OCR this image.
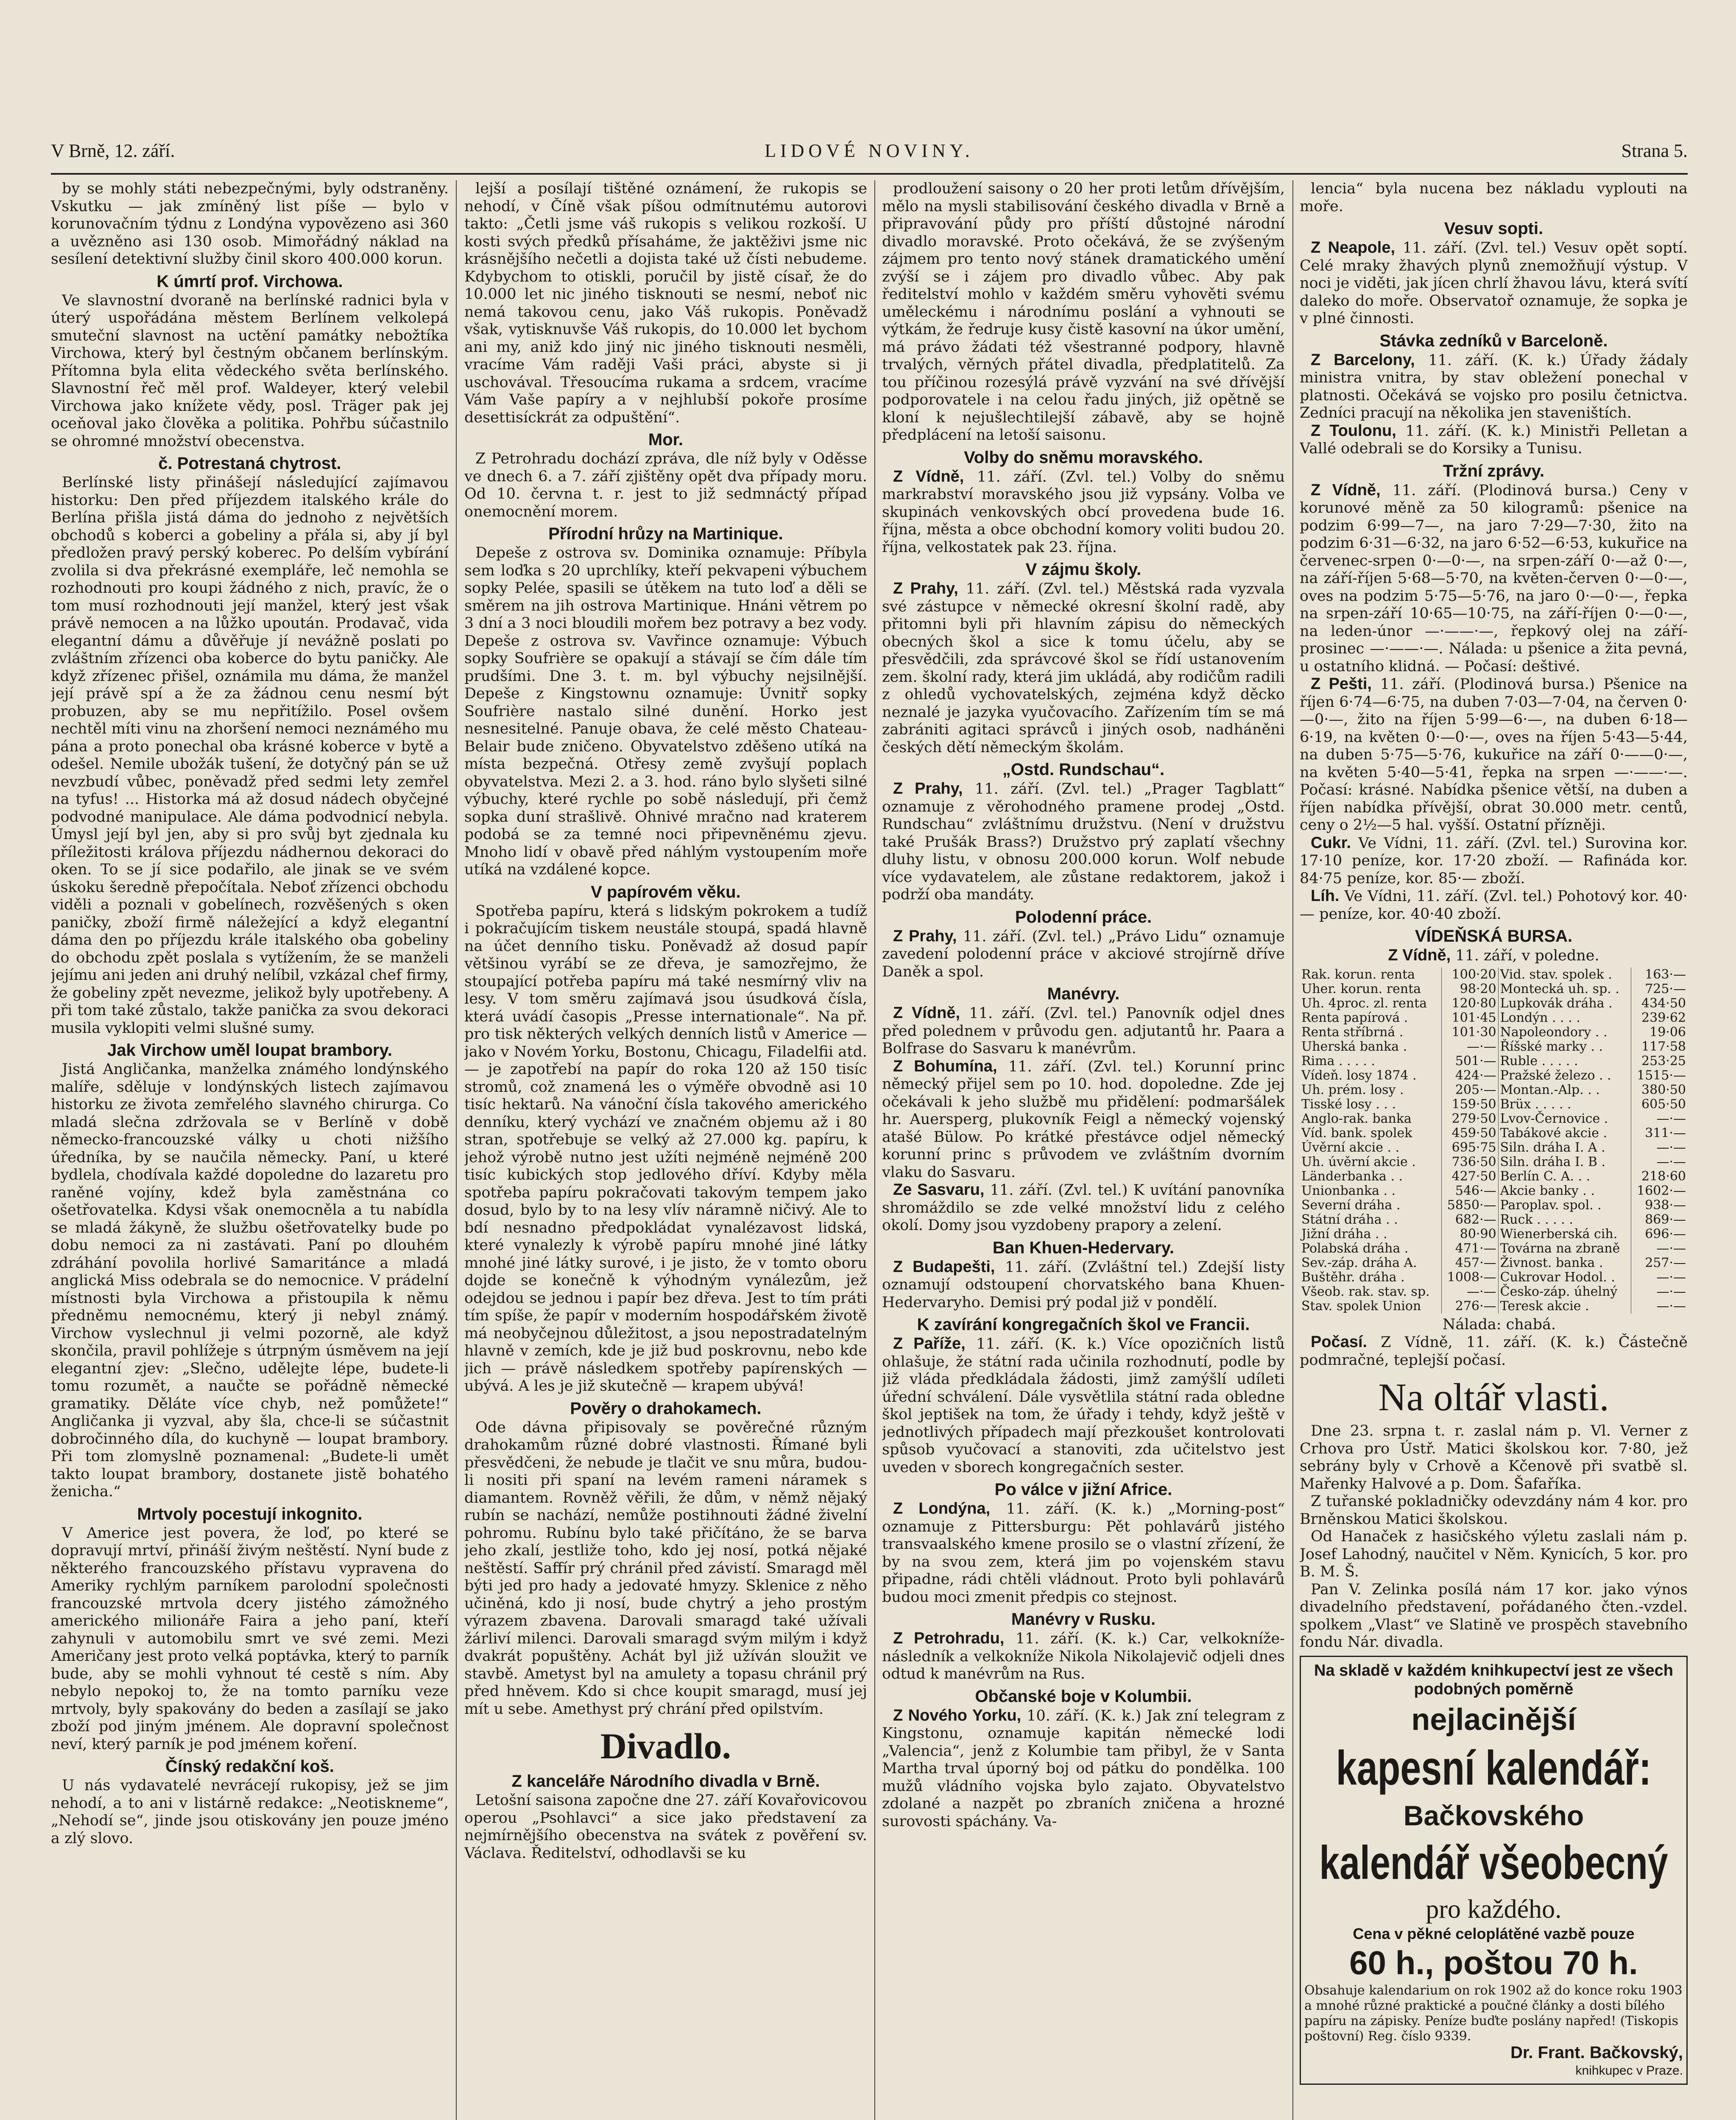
V Brně, 12. září.	LIDOVÉ NOVINY.	Strana 5.

by se mohly státi nebezpečnými, byly odstraněny. Vskutku — jak zmíněný list píše — bylo v korunovačním týdnu z Londýna vypovězeno asi 360 a uvězněno asi 130 osob. Mimořádný náklad na sesílení detektivní služby činil skoro 400.000 korun.

K úmrtí prof. Virchowa.

Ve slavnostní dvoraně na berlínské radnici byla v úterý uspořádána městem Berlínem velkolepá smuteční slavnost na uctění památky nebožtíka Virchowa, který byl čestným občanem berlínským. Přítomna byla elita vědeckého světa berlínského. Slavnostní řeč měl prof. Waldeyer, který velebil Virchowa jako knížete vědy, posl. Träger pak jej oceňoval jako člověka a politika. Pohřbu súčastnilo se ohromné množství obecenstva.

č. Potrestaná chytrost.

Berlínské listy přinášejí následující zajímavou historku: Den před příjezdem italského krále do Berlína přišla jistá dáma do jednoho z největších obchodů s koberci a gobeliny a přála si, aby jí byl předložen pravý perský koberec. Po delším vybírání zvolila si dva překrásné exempláře, leč nemohla se rozhodnouti pro koupi žádného z nich, pravíc, že o tom musí rozhodnouti její manžel, který jest však právě nemocen a na lůžko upoután. Prodavač, vida elegantní dámu a důvěřuje jí nevážně poslati po zvláštním zřízenci oba koberce do bytu paničky. Ale když zřízenec přišel, oznámila mu dáma, že manžel její právě spí a že za žádnou cenu nesmí být probuzen, aby se mu nepřitížilo. Posel ovšem nechtěl míti vinu na zhoršení nemoci neznámého mu pána a proto ponechal oba krásné koberce v bytě a odešel. Nemile ubožák tušení, že dotyčný pán se už nevzbudí vůbec, poněvadž před sedmi lety zemřel na tyfus! ... Historka má až dosud nádech obyčejné podvodné manipulace. Ale dáma podvodnicí nebyla. Úmysl její byl jen, aby si pro svůj byt zjednala ku příležitosti králova příjezdu nádhernou dekoraci do oken. To se jí sice podařilo, ale jinak se ve svém úskoku šeredně přepočítala. Neboť zřízenci obchodu viděli a poznali v gobelínech, rozvěšených s oken paničky, zboží firmě náležející a když elegantní dáma den po příjezdu krále italského oba gobeliny do obchodu zpět poslala s vytížením, že se manželi jejímu ani jeden ani druhý nelíbil, vzkázal chef firmy, že gobeliny zpět nevezme, jelikož byly upotřebeny. A při tom také zůstalo, takže panička za svou dekoraci musila vyklopiti velmi slušné sumy.

Jak Virchow uměl loupat brambory.

Jistá Angličanka, manželka známého londýnského malíře, sděluje v londýnských listech zajímavou historku ze života zemřelého slavného chirurga. Co mladá slečna zdržovala se v Berlíně v době německo-francouzské války u choti nižšího úředníka, by se naučila německy. Paní, u které bydlela, chodívala každé dopoledne do lazaretu pro raněné vojíny, kdež byla zaměstnána co ošetřovatelka. Kdysi však onemocněla a tu nabídla se mladá žákyně, že službu ošetřovatelky bude po dobu nemoci za ni zastávati. Paní po dlouhém zdráhání povolila horlivé Samaritánce a mladá anglická Miss odebrala se do nemocnice. V prádelní místnosti byla Virchowa a přistoupila k němu předněmu nemocnému, který ji nebyl známý. Virchow vyslechnul ji velmi pozorně, ale když skončila, pravil pohlížeje s útrpným úsměvem na její elegantní zjev: „Slečno, udělejte lépe, budete-li tomu rozumět, a naučte se pořádně německé gramatiky. Děláte více chyb, než pomůžete!“ Angličanka ji vyzval, aby šla, chce-li se súčastnit dobročinného díla, do kuchyně — loupat brambory. Při tom zlomyslně poznamenal: „Budete-li umět takto loupat brambory, dostanete jistě bohatého ženicha.“

Mrtvoly pocestují inkognito.

V Americe jest povera, že loď, po které se dopravují mrtví, přináší živým neštěstí. Nyní bude z některého francouzského přístavu vypravena do Ameriky rychlým parníkem parolodní společnosti francouzské mrtvola dcery jistého zámožného amerického milionáře Faira a jeho paní, kteří zahynuli v automobilu smrt ve své zemi. Mezi Američany jest proto velká poptávka, který to parník bude, aby se mohli vyhnout té cestě s ním. Aby nebylo nepokoj to, že na tomto parníku veze mrtvoly, byly spakovány do beden a zasílají se jako zboží pod jiným jménem. Ale dopravní společnost neví, který parník je pod jménem koření.

Čínský redakční koš.

U nás vydavatelé nevrácejí rukopisy, jež se jim nehodí, a to ani v listárně redakce: „Neotiskneme“, „Nehodí se“, jinde jsou otiskovány jen pouze jméno a zlý slovo.

lejší a posílají tištěné oznámení, že rukopis se nehodí, v Číně však píšou odmítnutému autorovi takto: „Četli jsme váš rukopis s velikou rozkoší. U kosti svých předků přísaháme, že jaktěživi jsme nic krásnějšího nečetli a dojista také už čísti nebudeme. Kdybychom to otiskli, poručil by jistě císař, že do 10.000 let nic jiného tisknouti se nesmí, neboť nic nemá takovou cenu, jako Váš rukopis. Poněvadž však, vytisknuvše Váš rukopis, do 10.000 let bychom ani my, aniž kdo jiný nic jiného tisknouti nesměli, vracíme Vám raději Vaši práci, abyste si ji uschovával. Třesoucíma rukama a srdcem, vracíme Vám Vaše papíry a v nejhlubší pokoře prosíme desettisíckrát za odpuštění“.

Mor.

Z Petrohradu dochází zpráva, dle níž byly v Oděsse ve dnech 6. a 7. září zjištěny opět dva případy moru. Od 10. června t. r. jest to již sedmnáctý případ onemocnění morem.

Přírodní hrůzy na Martinique.

Depeše z ostrova sv. Dominika oznamuje: Příbyla sem loďka s 20 uprchlíky, kteří pekvapeni výbuchem sopky Pelée, spasili se útěkem na tuto loď a děli se směrem na jih ostrova Martinique. Hnáni větrem po 3 dní a 3 noci bloudili mořem bez potravy a bez vody. Depeše z ostrova sv. Vavřince oznamuje: Výbuch sopky Soufrière se opakují a stávají se čím dále tím prudšími. Dne 3. t. m. byl výbuchy nejsilnější. Depeše z Kingstownu oznamuje: Úvnitř sopky Soufrière nastalo silné dunění. Horko jest nesnesitelné. Panuje obava, že celé město Chateau-Belair bude zničeno. Obyvatelstvo zděšeno utíká na místa bezpečná. Otřesy země zvyšují poplach obyvatelstva. Mezi 2. a 3. hod. ráno bylo slyšeti silné výbuchy, které rychle po sobě následují, při čemž sopka duní strašlivě. Ohnivé mračno nad kraterem podobá se za temné noci připevněnému zjevu. Mnoho lidí v obavě před náhlým vystoupením moře utíká na vzdálené kopce.

V papírovém věku.

Spotřeba papíru, která s lidským pokrokem a tudíž i pokračujícím tiskem neustále stoupá, spadá hlavně na účet denního tisku. Poněvadž až dosud papír většinou vyrábí se ze dřeva, je samozřejmo, že stoupající potřeba papíru má také nesmírný vliv na lesy. V tom směru zajímavá jsou úsudková čísla, která uvádí časopis „Presse internationale“. Na př. pro tisk některých velkých denních listů v Americe — jako v Novém Yorku, Bostonu, Chicagu, Filadelfii atd. — je zapotřebí na papír do roka 120 až 150 tisíc stromů, což znamená les o výměře obvodně asi 10 tisíc hektarů. Na vánoční čísla takového amerického denníku, který vychází ve značném objemu až i 80 stran, spotřebuje se velký až 27.000 kg. papíru, k jehož výrobě nutno jest užíti nejméně nejméně 200 tisíc kubických stop jedlového dříví. Kdyby měla spotřeba papíru pokračovati takovým tempem jako dosud, bylo by to na lesy vlív náramně ničivý. Ale to bdí nesnadno předpokládat vynalézavost lidská, které vynalezly k výrobě papíru mnohé jiné látky mnohé jiné látky surové, i je jisto, že v tomto oboru dojde se konečně k výhodným vynálezům, jež odejdou se jednou i papír bez dřeva. Jest to tím práti tím spíše, že papír v moderním hospodářském životě má neobyčejnou důležitost, a jsou nepostradatelným hlavně v zemích, kde je již bud poskrovnu, nebo kde jich — právě následkem spotřeby papírenských — ubývá. A les je již skutečně — krapem ubývá!

Povĕry o drahokamech.

Ode dávna připisovaly se pověrečné různým drahokamům různé dobré vlastnosti. Římané byli přesvědčeni, že nebude je tlačit ve snu můra, budou-li nositi při spaní na levém rameni náramek s diamantem. Rovněž věřili, že dům, v němž nějaký rubín se nachází, nemůže postihnouti žádné živelní pohromu. Rubínu bylo také přičítáno, že se barva jeho zkalí, jestliže toho, kdo jej nosí, potká nějaké neštěstí. Saffír prý chránil před závistí. Smaragd měl býti jed pro hady a jedovaté hmyzy. Sklenice z něho učiněná, kdo ji nosí, bude chytrý a jeho prostým výrazem zbavena. Darovali smaragd také užívali žárliví milenci. Darovali smaragd svým milým i když dvakrát popuštěny. Achát byl již užíván sloužit ve stavbě. Ametyst byl na amulety a topasu chránil prý před hněvem. Kdo si chce koupit smaragd, musí jej mít u sebe. Amethyst prý chrání před opilstvím.

Divadlo.
Z kanceláře Národního divadla v Brně.

Letošní saisona započne dne 27. září Kovařovicovou operou „Psohlavci“ a sice jako představení za nejmírnějšího obecenstva na svátek z pověření sv. Václava. Ředitelství, odhodlavši se ku

prodloužení saisony o 20 her proti letům dřívějším, mělo na mysli stabilisování českého divadla v Brně a připravování půdy pro příští důstojné národní divadlo moravské. Proto očekává, že se zvýšeným zájmem pro tento nový stánek dramatického umění zvýší se i zájem pro divadlo vůbec. Aby pak ředitelství mohlo v každém směru vyhověti svému uměleckému i národnímu poslání a vyhnouti se výtkám, že ředruje kusy čistě kasovní na úkor umění, má právo žádati též všestranné podpory, hlavně trvalých, věrných přátel divadla, předplatitelů. Za tou příčinou rozesýlá právě vyzvání na své dřívější podporovatele i na celou řadu jiných, již opětně se kloní k nejušlechtilejší zábavě, aby se hojně předplácení na letoší saisonu.

Volby do sněmu moravského.

Z Vídně, 11. září. (Zvl. tel.) Volby do sněmu markrabství moravského jsou již vypsány. Volba ve skupinách venkovských obcí provedena bude 16. října, města a obce obchodní komory voliti budou 20. října, velkostatek pak 23. října.

V zájmu školy.

Z Prahy, 11. září. (Zvl. tel.) Městská rada vyzvala své zástupce v německé okresní školní radě, aby přitomni byli při hlavním zápisu do německých obecných škol a sice k tomu účelu, aby se přesvědčili, zda správcové škol se řídí ustanovením zem. školní rady, která jim ukládá, aby rodičům radili z ohledů vychovatelských, zejména když děcko neznalé je jazyka vyučovacího. Zařízením tím se má zabrániti agitaci správců i jiných osob, nadháněni českých dětí německým školám.

„Ostd. Rundschau“.

Z Prahy, 11. září. (Zvl. tel.) „Prager Tagblatt“ oznamuje z věrohodného pramene prodej „Ostd. Rundschau“ zvláštnímu družstvu. (Není v družstvu také Prušák Brass?) Družstvo prý zaplatí všechny dluhy listu, v obnosu 200.000 korun. Wolf nebude více vydavatelem, ale zůstane redaktorem, jakož i podrží oba mandáty.

Polodenní práce.

Z Prahy, 11. září. (Zvl. tel.) „Právo Lidu“ oznamuje zavedení polodenní práce v akciové strojírně dříve Daněk a spol.

Manévry.

Z Vídně, 11. září. (Zvl. tel.) Panovník odjel dnes před polednem v průvodu gen. adjutantů hr. Paara a Bolfrase do Sasvaru k manévrům.

Z Bohumína, 11. září. (Zvl. tel.) Korunní princ německý přijel sem po 10. hod. dopoledne. Zde jej očekávali k jeho službě mu přidělení: podmaršálek hr. Auersperg, plukovník Feigl a německý vojenský atašé Bülow. Po krátké přestávce odjel německý korunní princ s průvodem ve zvláštním dvorním vlaku do Sasvaru.

Ze Sasvaru, 11. září. (Zvl. tel.) K uvítání panovníka shromáždilo se zde velké množství lidu z celého okolí. Domy jsou vyzdobeny prapory a zelení.

Ban Khuen-Hedervary.

Z Budapešti, 11. září. (Zvláštní tel.) Zdejší listy oznamují odstoupení chorvatského bana Khuen-Hedervaryho. Demisi prý podal již v pondělí.

K zavírání kongregačních škol ve Francii.

Z Paříže, 11. září. (K. k.) Více opozičních listů ohlašuje, že státní rada učinila rozhodnutí, podle by již vláda předkládala žádosti, jimž zamýšlí udíleti úřední schválení. Dále vysvětlila státní rada obledne škol jeptišek na tom, že úřady i tehdy, když ještě v jednotlivých případech mají přezkoušet kontrolovati spůsob vyučovací a stanoviti, zda učitelstvo jest uveden v sborech kongregačních sester.

Po válce v jižní Africe.

Z Londýna, 11. září. (K. k.) „Morning-post“ oznamuje z Pittersburgu: Pět pohlavárů jistého transvaalského kmene prosilo se o vlastní zřízení, že by na svou zem, která jim po vojenském stavu připadne, rádi chtěli vládnout. Proto byli pohlavárů budou moci zmenit předpis co stejnost.

Manévry v Rusku.

Z Petrohradu, 11. září. (K. k.) Car, velkokníže-následník a velkokníže Nikola Nikolajevič odjeli dnes odtud k manévrům na Rus.

Občanské boje v Kolumbii.

Z Nového Yorku, 10. září. (K. k.) Jak zní telegram z Kingstonu, oznamuje kapitán německé lodi „Valencia“, jenž z Kolumbie tam přibyl, že v Santa Martha trval úporný boj od pátku do pondělka. 100 mužů vládního vojska bylo zajato. Obyvatelstvo zdolané a nazpět po zbraních zničena a hrozné surovosti spáchány. Va-

lencia“ byla nucena bez nákladu vyplouti na moře.

Vesuv sopti.

Z Neapole, 11. září. (Zvl. tel.) Vesuv opět soptí. Celé mraky žhavých plynů znemožňují výstup. V noci je viděti, jak jícen chrlí žhavou lávu, která svítí daleko do moře. Observatoř oznamuje, že sopka je v plné činnosti.

Stávka zedníků v Barceloně.

Z Barcelony, 11. září. (K. k.) Úřady žádaly ministra vnitra, by stav obležení ponechal v platnosti. Očekává se vojsko pro posilu četnictva. Zedníci pracují na několika jen staveništích.

Z Toulonu, 11. září. (K. k.) Ministři Pelletan a Vallé odebrali se do Korsiky a Tunisu.

Tržní zprávy.

Z Vídně, 11. září. (Plodinová bursa.) Ceny v korunové měně za 50 kilogramů: pšenice na podzim 6·99—7—, na jaro 7·29—7·30, žito na podzim 6·31—6·32, na jaro 6·52—6·53, kukuřice na červenec-srpen 0·—0·—, na srpen-září 0·—až 0·—, na září-říjen 5·68—5·70, na květen-červen 0·—0·—, oves na podzim 5·75—5·76, na jaro 0·—0·—, řepka na srpen-září 10·65—10·75, na září-říjen 0·—0·—, na leden-únor —·——·—, řepkový olej na září-prosinec —·——·—. Nálada: u pšenice a žita pevná, u ostatního klidná. — Počasí: deštivé.

Z Pešti, 11. září. (Plodinová bursa.) Pšenice na říjen 6·74—6·75, na duben 7·03—7·04, na červen 0·—0·—, žito na říjen 5·99—6·—, na duben 6·18—6·19, na květen 0·—0·—, oves na říjen 5·43—5·44, na duben 5·75—5·76, kukuřice na září 0·——0·—, na květen 5·40—5·41, řepka na srpen —·——·—. Počasí: krásné. Nabídka pšenice větší, na duben a říjen nabídka přívější, obrat 30.000 metr. centů, ceny o 2½—5 hal. vyšší. Ostatní přízněji.

Cukr. Ve Vídni, 11. září. (Zvl. tel.) Surovina kor. 17·10 peníze, kor. 17·20 zboží. — Rafináda kor. 84·75 peníze, kor. 85·— zboží.

Líh. Ve Vídni, 11. září. (Zvl. tel.) Pohotový kor. 40·— peníze, kor. 40·40 zboží.

VÍDEŇSKÁ BURSA.

Z Vídně, 11. září, v poledne.

Rak. korun. renta	100·20	Vid. stav. spolek .	163·—
Uher. korun. renta	98·20	Montecká uh. sp. .	725·—
Uh. 4proc. zl. renta	120·80	Lupkovák dráha .	434·50
Renta papírová .	101·45	Londýn . . . .	239·62
Renta stříbrná .	101·30	Napoleondory . .	19·06
Uherská banka .	—·—	Říšské marky . .	117·58
Rima . . . . .	501·—	Ruble . . . . .	253·25
Vídeň. losy 1874 .	424·—	Pražské železo . .	1515·—
Uh. prém. losy .	205·—	Montan.-Alp. . .	380·50
Tisské losy . . .	159·50	Brüx . . . . .	605·50
Anglo-rak. banka	279·50	Lvov-Černovice .	—·—
Víd. bank. spolek	459·50	Tabákové akcie .	311·—
Úvěrní akcie . .	695·75	Siln. dráha I. A .	—·—
Uh. úvěrní akcie .	736·50	Siln. dráha I. B .	—·—
Länderbanka . .	427·50	Berlín C. A. . .	218·60
Unionbanka . .	546·—	Akcie banky . .	1602·—
Severní dráha .	5850·—	Paroplav. spol. .	938·—
Státní dráha . .	682·—	Ruck . . . . .	869·—
Jižní dráha . .	80·90	Wienerberská cih.	696·—
Polabská dráha .	471·—	Továrna na zbraně	—·—
Sev.-záp. dráha A.	457·—	Živnost. banka .	257·—
Buštěhr. dráha .	1008·—	Cukrovar Hodol. .	—·—
Všeob. rak. stav. sp.	—·—	Česko-záp. úhelný	—·—
Stav. spolek Union	276·—	Teresk akcie .	—·—

Nálada: chabá.

Počasí. Z Vídně, 11. září. (K. k.) Částečně podmračné, teplejší počasí.

Na oltář vlasti.

Dne 23. srpna t. r. zaslal nám p. Vl. Verner z Crhova pro Ústř. Matici školskou kor. 7·80, jež sebrány byly v Crhově a Kčenově při svatbě sl. Mařenky Halvové a p. Dom. Šafaříka.

Z tuřanské pokladničky odevzdány nám 4 kor. pro Brněnskou Matici školskou.

Od Hanaček z hasičského výletu zaslali nám p. Josef Lahodný, naučitel v Něm. Kynicích, 5 kor. pro B. M. Š.

Pan V. Zelinka posílá nám 17 kor. jako výnos divadelního představení, pořádaného čten.-vzdel. spolkem „Vlast“ ve Slatině ve prospěch stavebního fondu Nár. divadla.

Na skladě v každém knihkupectví jest ze všech podobných poměrně
nejlacinější
kapesní kalendář:
Bačkovského
kalendář všeobecný
pro každého.
Cena v pěkné celoplátěné vazbě pouze
60 h., poštou 70 h.
Obsahuje kalendarium on rok 1902 až do konce roku 1903 a mnohé různé praktické a poučné články a dosti bílého papíru na zápisky. Peníze buďte poslány napřed! (Tiskopis poštovní) Reg. číslo 9339.
Dr. Frant. Bačkovský,
knihkupec v Praze.
